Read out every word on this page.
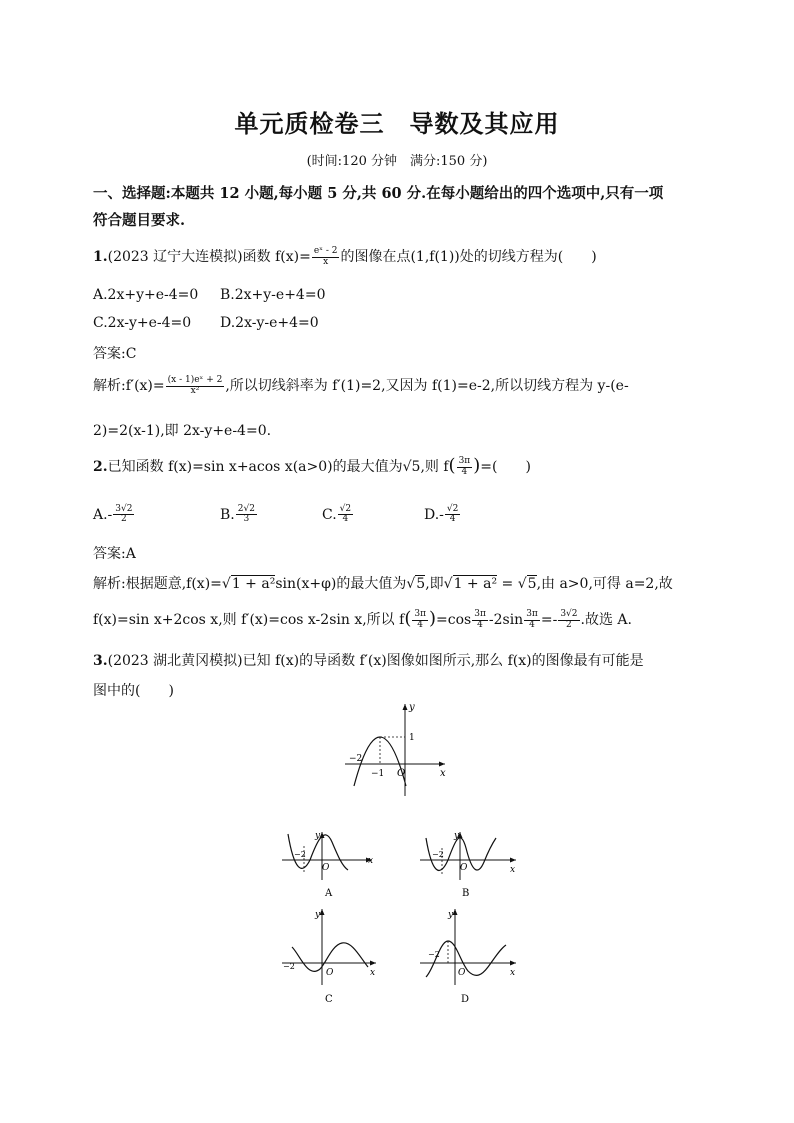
单元质检卷三　导数及其应用
(时间:120 分钟　满分:150 分)
一、选择题:本题共 12 小题,每小题 5 分,共 60 分.在每小题给出的四个选项中,只有一项
符合题目要求.
1.(2023 辽宁大连模拟)函数 $f(x)= \frac{\text{eˣ - 2}}{x}$ 的图像在点(1,f(1))处的切线方程为(　　)
A.2x+y+e-4=0 B.2x+y-e+4=0
C.2x-y+e-4=0 D.2x-y-e+4=0
答案:C
解析:f′(x)= $\frac{\text{(x - 1)eˣ + 2}}{\text{x²}}$ ,所以切线斜率为 f′(1)=2,又因为 f(1)=e-2,所以切线方程为 y-(e-
2)=2(x-1),即 2x-y+e-4=0.
2.已知函数 f(x)=sin x+acos x(a>0)的最大值为√5,则 $f( \frac{3\pi}{4}$ )=(　　)
$A.- \frac{3√2}{2}$	B. $\frac{2√2}{3}$	C. $\frac{√2}{4}$	$D.- \frac{√2}{4}$
答案:A
解析:根据题意,f(x)=√1 + a²sin(x+φ)的最大值为√5,即√1 + a² = √5,由 a>0,可得 a=2,故
f(x)=sin x+2cos x,则 f′(x)=cos x-2sin x,所以 $f( \frac{3\pi}{4} )=\cos \frac{3\pi}{4} -2\sin \frac{3\pi}{4} =- \frac{3√2}{2}$ .故选 A.
3.(2023 湖北黄冈模拟)已知 f(x)的导函数 f′(x)图像如图所示,那么 f(x)的图像最有可能是
图中的(　　)
x
y
O
−2
−1
1
x
y
O
−2
A
x
y
O
−2
B
x
y
O
−2
C
x
y
O
−2
D
